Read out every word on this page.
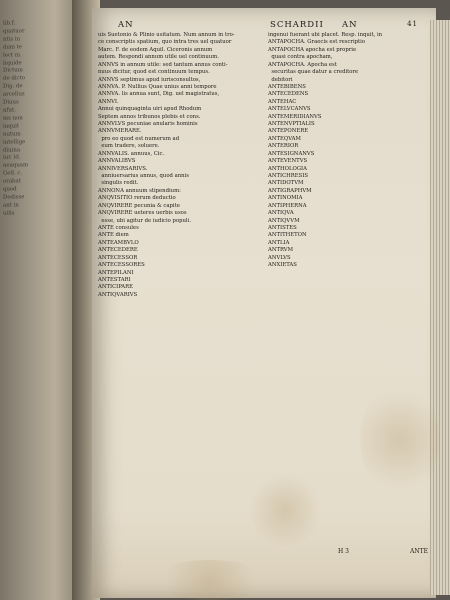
lib.f.
quatuor
ntis in
dum te
lect m.
liquide
Dictum
de dicto
Dig. de
arcellus
Diuus
nfut.
ms non
inquit
nutum
intellige
diuina
iur. id.
neaquam
Gell. c.
orabat
quod
Dedisse
ant in
uilis
AN	SCHARDII AN	41
uis Suetonio & Plinio usitatum. Num annum in tro-
ce conscriptis spatium, quo intra tres uel quatuor
Marc. F. de eodem Aquil. Ciceronis annum
autem. Respondi annum utile uel continuum.
ANNVS in annum utile: sed tantum annus conti-
nuus dicitur, quod est continuum tempus.
ANNVS septimus apud iurisconsultos,
ANNVA. P. Nullius Quae unius anni tempore
ANNVA. lis annua sunt, Dig. uel magistratus,
ANNVI.
Annui quinquaginta uiri apud Rhodum
Septem annos tribunos plebis et cons.
ANNVLVS pecuniae anularis hominis
ANNVMERARE.
pro eo quod est numerum ad
eum tradere, soluere.
ANNVALIS. annuus, Cic.
ANNVALIBVS
ANNIVERSARIVS.
anniuersarius annus, quod annis
singulis redit.
ANNONA annuum stipendium:
ANQVISITIO rerum deductio
ANQVIRERE pecunia & capite
ANQVIRERE ueteres uerbis usos
esse, ubi agitur de iudicio populi.
ANTE consules
ANTE diem
ANTEAMBVLO
ANTECEDERE
ANTECESSOR
ANTECESSORES
ANTEPILANI
ANTESTARI
ANTICIPARE
ANTIQVARIVS
ingenui fuerant ubi placet. Resp. inquit, in
ANTAPOCHA. Graecis est rescriptio
ANTAPOCHA apocha est proprie
quasi contra apocham,
ANTAPOCHA. Apocha est
securitas quae datur a creditore
debitori
ANTEBIBENS
ANTECEDENS
ANTEHAC
ANTELVCANVS
ANTEMERIDIANVS
ANTENVPTIALIS
ANTEPONERE
ANTEQVAM
ANTERIOR
ANTESIGNANVS
ANTEVENTVS
ANTHOLOGIA
ANTICHRESIS
ANTIDOTVM
ANTIGRAPHVM
ANTINOMIA
ANTIPHERNA
ANTIQVA
ANTIQVVM
ANTISTES
ANTITHETON
ANTLIA
ANTRVM
ANVLVS
ANXIETAS
H 3	ANTE
